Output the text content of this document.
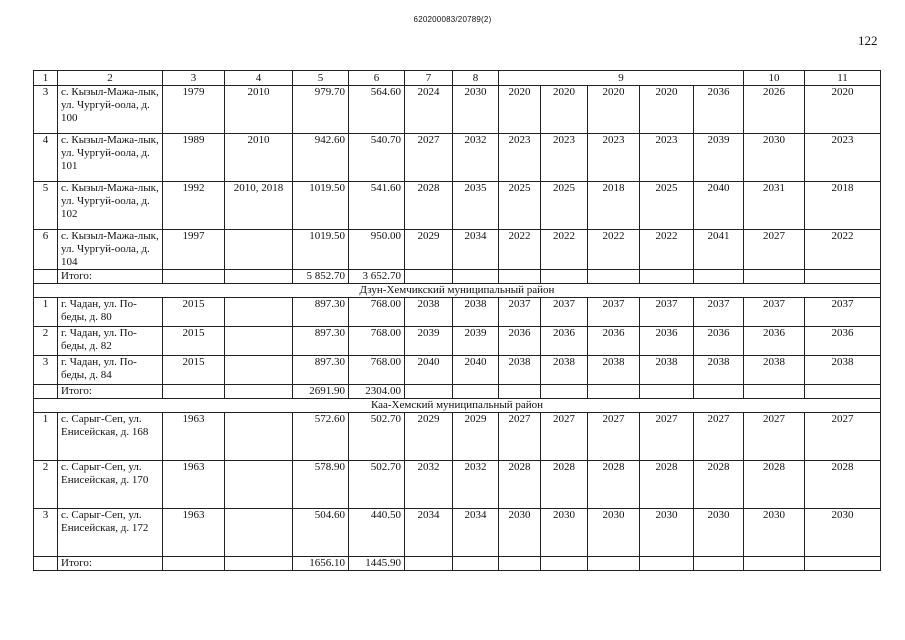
620200083/20789(2)
122
1	2	3	4	5	6	7	8	9					10	11
3	с. Кызыл-Мажа-лык, ул. Чургуй-оола, д. 100	1979	2010	979.70	564.60	2024	2030	2020	2020	2020	2020	2036	2026	2020
4	с. Кызыл-Мажа-лык, ул. Чургуй-оола, д. 101	1989	2010	942.60	540.70	2027	2032	2023	2023	2023	2023	2039	2030	2023
5	с. Кызыл-Мажа-лык, ул. Чургуй-оола, д. 102	1992	2010, 2018	1019.50	541.60	2028	2035	2025	2025	2018	2025	2040	2031	2018
6	с. Кызыл-Мажа-лык, ул. Чургуй-оола, д. 104	1997		1019.50	950.00	2029	2034	2022	2022	2022	2022	2041	2027	2022
	Итого:			5 852.70	3 652.70									
Дзун-Хемчикский муниципальный район														
1	г. Чадан, ул. По-беды, д. 80	2015		897.30	768.00	2038	2038	2037	2037	2037	2037	2037	2037	2037
2	г. Чадан, ул. По-беды, д. 82	2015		897.30	768.00	2039	2039	2036	2036	2036	2036	2036	2036	2036
3	г. Чадан, ул. По-беды, д. 84	2015		897.30	768.00	2040	2040	2038	2038	2038	2038	2038	2038	2038
	Итого:			2691.90	2304.00									
Каа-Хемский муниципальный район														
1	с. Сарыг-Сеп, ул. Енисейская, д. 168	1963		572.60	502.70	2029	2029	2027	2027	2027	2027	2027	2027	2027
2	с. Сарыг-Сеп, ул. Енисейская, д. 170	1963		578.90	502.70	2032	2032	2028	2028	2028	2028	2028	2028	2028
3	с. Сарыг-Сеп, ул. Енисейская, д. 172	1963		504.60	440.50	2034	2034	2030	2030	2030	2030	2030	2030	2030
	Итого:			1656.10	1445.90									
